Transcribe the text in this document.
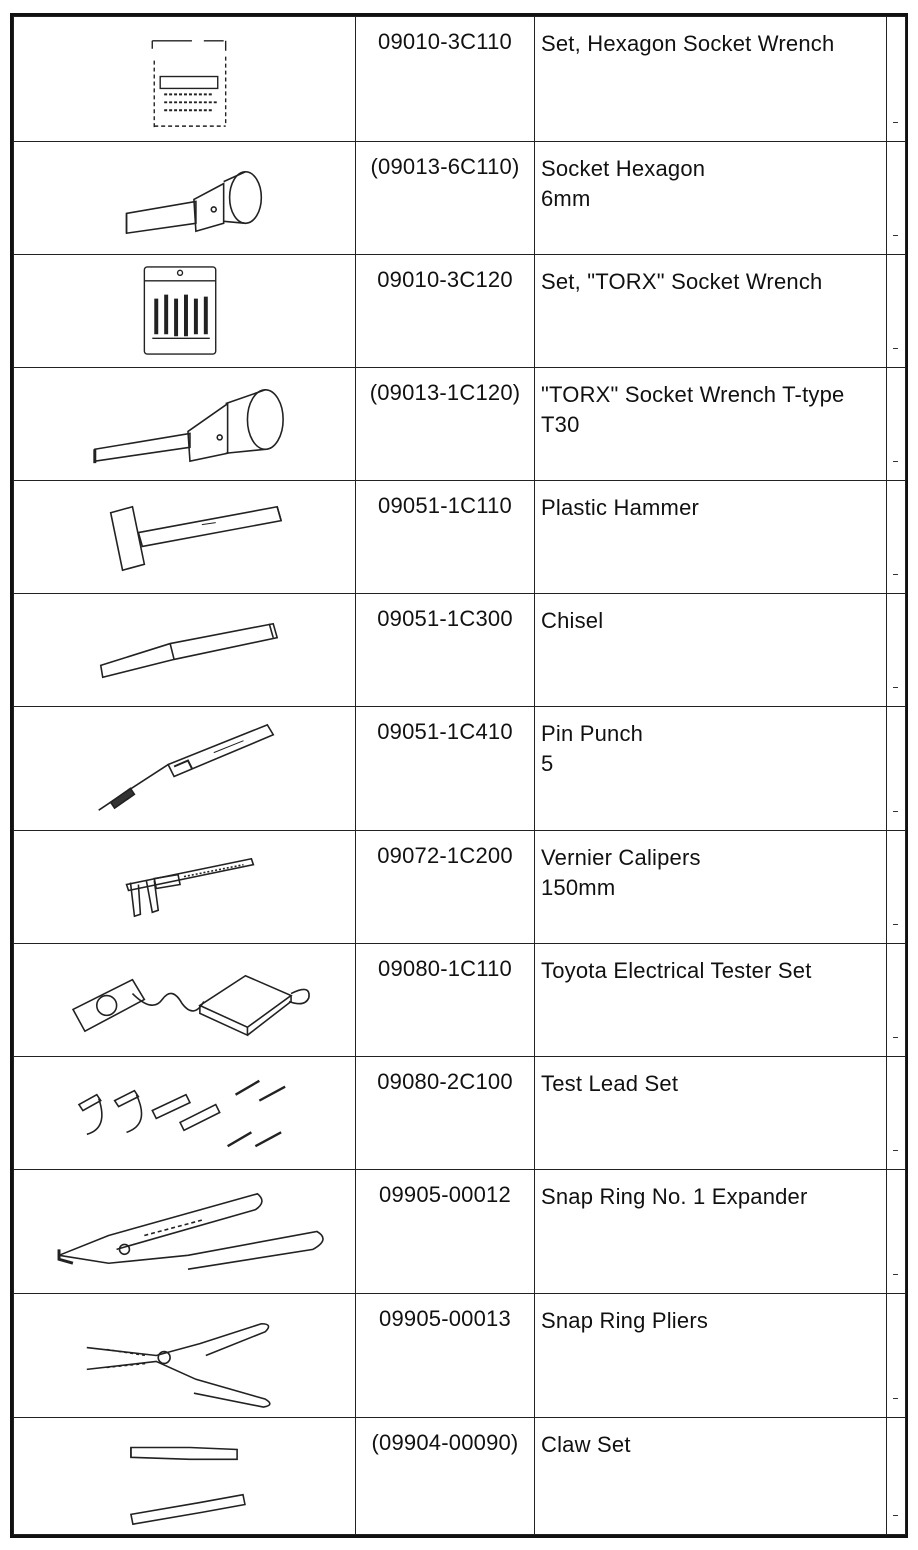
	09010-3C110	Set, Hexagon Socket Wrench	

	(09013-6C110)	Socket Hexagon
6mm	

	09010-3C120	Set, "TORX" Socket Wrench	

	(09013-1C120)	"TORX" Socket Wrench T-type
T30	

	09051-1C110	Plastic Hammer	

	09051-1C300	Chisel	

	09051-1C410	Pin Punch
5	

	09072-1C200	Vernier Calipers
150mm	

	09080-1C110	Toyota Electrical Tester Set	

	09080-2C100	Test Lead Set	

	09905-00012	Snap Ring No. 1 Expander	

	09905-00013	Snap Ring Pliers	

	(09904-00090)	Claw Set	
